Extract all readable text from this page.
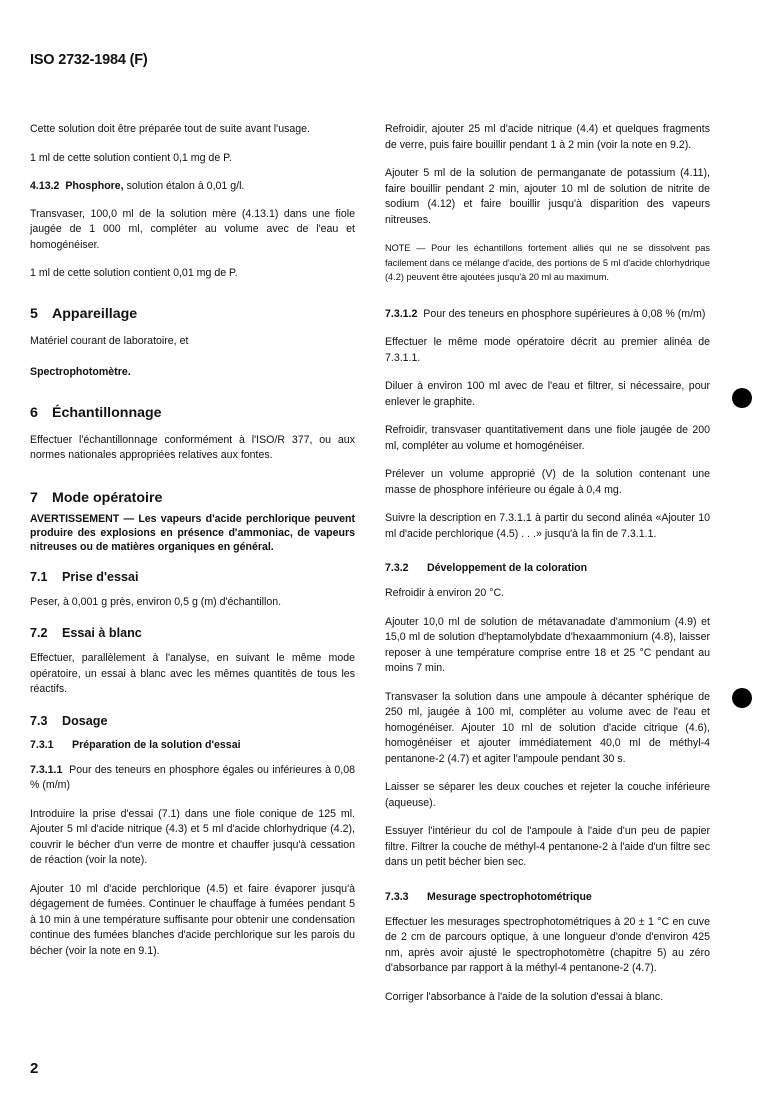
ISO 2732-1984 (F)

Cette solution doit être préparée tout de suite avant l'usage.

1 ml de cette solution contient 0,1 mg de P.

4.13.2 Phosphore, solution étalon à 0,01 g/l.

Transvaser, 100,0 ml de la solution mère (4.13.1) dans une fiole jaugée de 1 000 ml, compléter au volume avec de l'eau et homogénéiser.

1 ml de cette solution contient 0,01 mg de P.

5 Appareillage

Matériel courant de laboratoire, et

Spectrophotomètre.

6 Échantillonnage

Effectuer l'échantillonnage conformément à l'ISO/R 377, ou aux normes nationales appropriées relatives aux fontes.

7 Mode opératoire

AVERTISSEMENT — Les vapeurs d'acide perchlorique peuvent produire des explosions en présence d'ammoniac, de vapeurs nitreuses ou de matières organiques en général.

7.1 Prise d'essai

Peser, à 0,001 g près, environ 0,5 g (m) d'échantillon.

7.2 Essai à blanc

Effectuer, parallèlement à l'analyse, en suivant le même mode opératoire, un essai à blanc avec les mêmes quantités de tous les réactifs.

7.3 Dosage
7.3.1 Préparation de la solution d'essai

7.3.1.1 Pour des teneurs en phosphore égales ou inférieures à 0,08 % (m/m)

Introduire la prise d'essai (7.1) dans une fiole conique de 125 ml. Ajouter 5 ml d'acide nitrique (4.3) et 5 ml d'acide chlorhydrique (4.2), couvrir le bécher d'un verre de montre et chauffer jusqu'à cessation de réaction (voir la note).

Ajouter 10 ml d'acide perchlorique (4.5) et faire évaporer jusqu'à dégagement de fumées. Continuer le chauffage à fumées pendant 5 à 10 min à une température suffisante pour obtenir une condensation continue des fumées blanches d'acide perchlorique sur les parois du bécher (voir la note en 9.1).

Refroidir, ajouter 25 ml d'acide nitrique (4.4) et quelques fragments de verre, puis faire bouillir pendant 1 à 2 min (voir la note en 9.2).

Ajouter 5 ml de la solution de permanganate de potassium (4.11), faire bouillir pendant 2 min, ajouter 10 ml de solution de nitrite de sodium (4.12) et faire bouillir jusqu'à disparition des vapeurs nitreuses.

NOTE — Pour les échantillons fortement alliés qui ne se dissolvent pas facilement dans ce mélange d'acide, des portions de 5 ml d'acide chlorhydrique (4.2) peuvent être ajoutées jusqu'à 20 ml au maximum.

7.3.1.2 Pour des teneurs en phosphore supérieures à 0,08 % (m/m)

Effectuer le même mode opératoire décrit au premier alinéa de 7.3.1.1.

Diluer à environ 100 ml avec de l'eau et filtrer, si nécessaire, pour enlever le graphite.

Refroidir, transvaser quantitativement dans une fiole jaugée de 200 ml, compléter au volume et homogénéiser.

Prélever un volume approprié (V) de la solution contenant une masse de phosphore inférieure ou égale à 0,4 mg.

Suivre la description en 7.3.1.1 à partir du second alinéa «Ajouter 10 ml d'acide perchlorique (4.5) . . .» jusqu'à la fin de 7.3.1.1.

7.3.2 Développement de la coloration

Refroidir à environ 20 °C.

Ajouter 10,0 ml de solution de métavanadate d'ammonium (4.9) et 15,0 ml de solution d'heptamolybdate d'hexaammonium (4.8), laisser reposer à une température comprise entre 18 et 25 °C pendant au moins 7 min.

Transvaser la solution dans une ampoule à décanter sphérique de 250 ml, jaugée à 100 ml, compléter au volume avec de l'eau et homogénéiser. Ajouter 10 ml de solution d'acide citrique (4.6), homogénéiser et ajouter immédiatement 40,0 ml de méthyl-4 pentanone-2 (4.7) et agiter l'ampoule pendant 30 s.

Laisser se séparer les deux couches et rejeter la couche inférieure (aqueuse).

Essuyer l'intérieur du col de l'ampoule à l'aide d'un peu de papier filtre. Filtrer la couche de méthyl-4 pentanone-2 à l'aide d'un filtre sec dans un petit bécher bien sec.

7.3.3 Mesurage spectrophotométrique

Effectuer les mesurages spectrophotométriques à 20 ± 1 °C en cuve de 2 cm de parcours optique, à une longueur d'onde d'environ 425 nm, après avoir ajusté le spectrophotomètre (chapitre 5) au zéro d'absorbance par rapport à la méthyl-4 pentanone-2 (4.7).

Corriger l'absorbance à l'aide de la solution d'essai à blanc.

2
